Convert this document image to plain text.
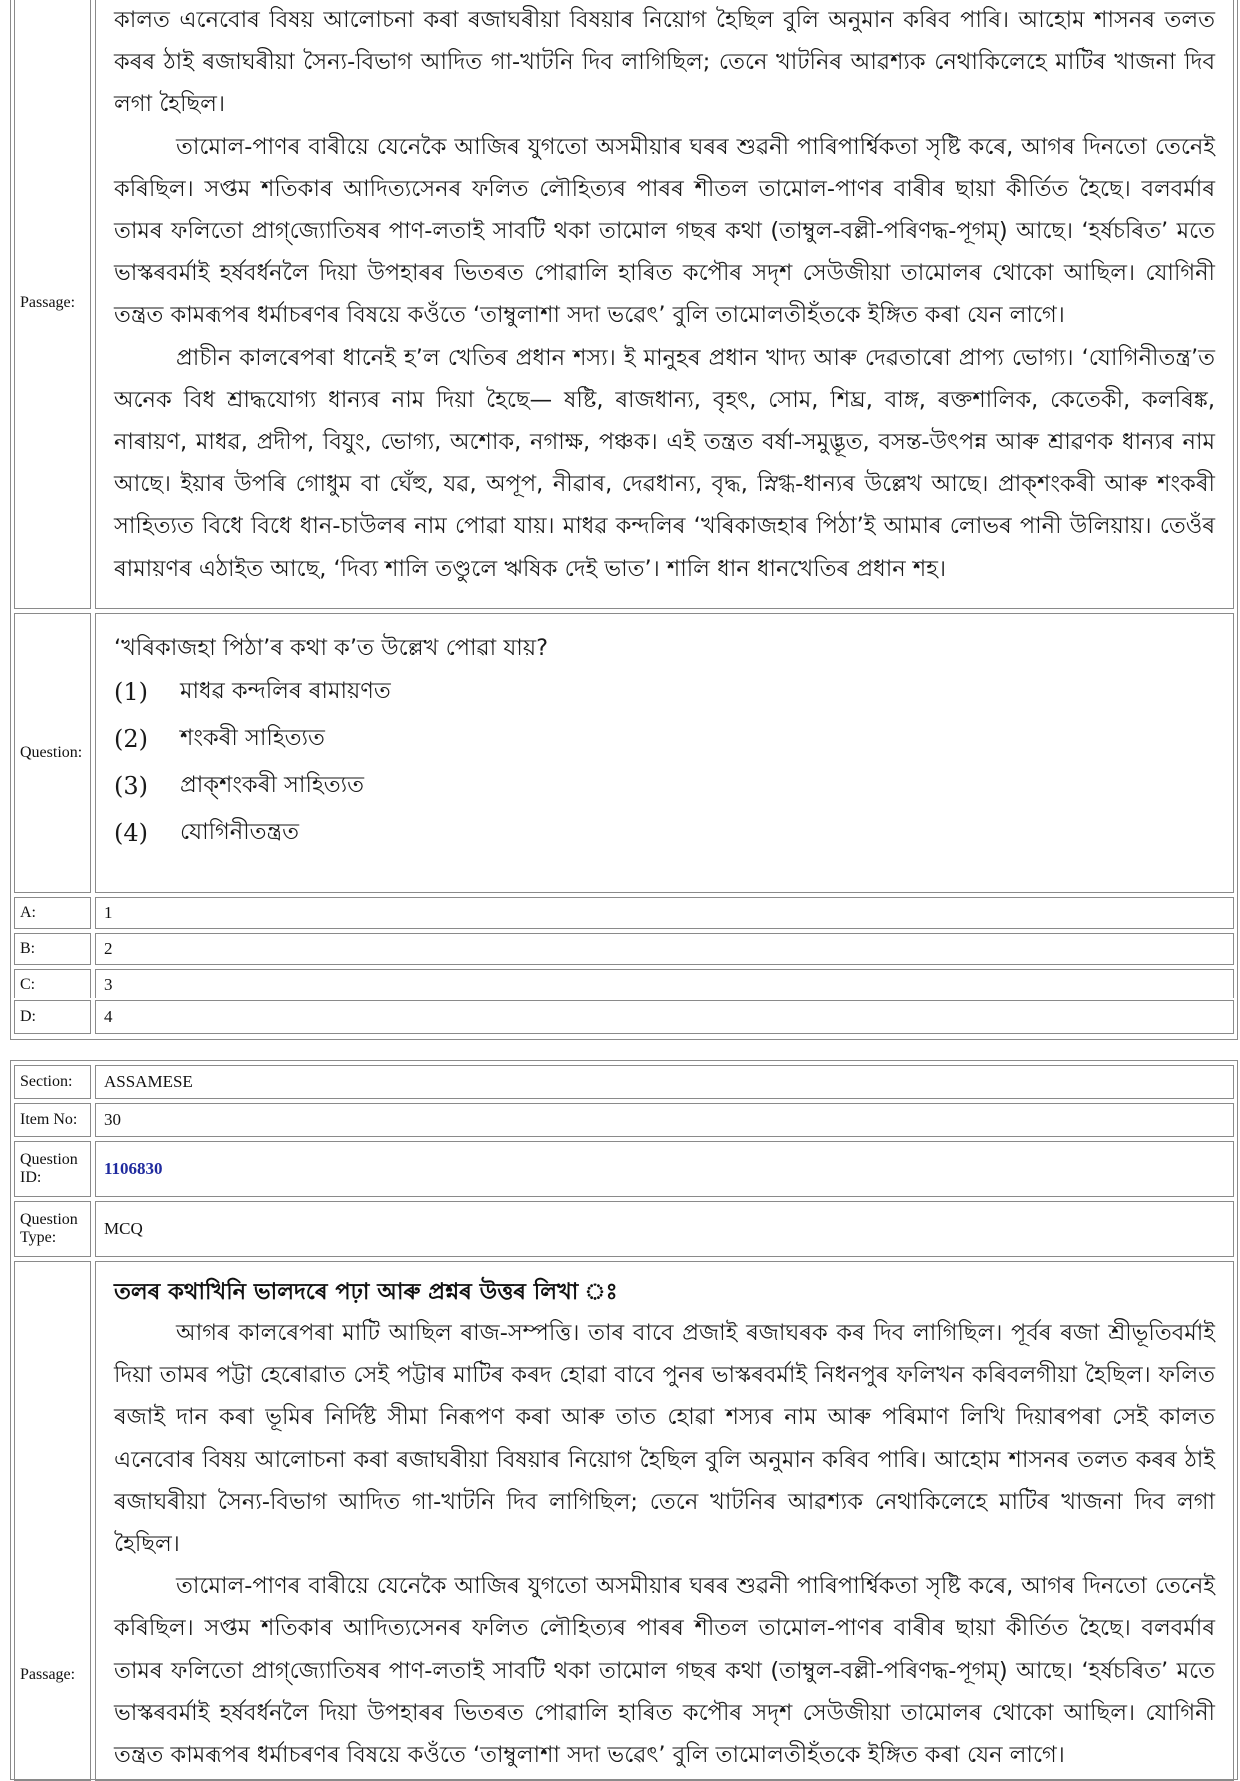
Passage:

কালত এনেবোৰ বিষয় আলোচনা কৰা ৰজাঘৰীয়া বিষয়াৰ নিয়োগ হৈছিল বুলি অনুমান কৰিব পাৰি। আহোম শাসনৰ তলত কৰৰ ঠাই ৰজাঘৰীয়া সৈন্য-বিভাগ আদিত গা-খাটনি দিব লাগিছিল; তেনে খাটনিৰ আৱশ্যক নেথাকিলেহে মাটিৰ খাজনা দিব লগা হৈছিল।

তামোল-পাণৰ বাৰীয়ে যেনেকৈ আজিৰ যুগতো অসমীয়াৰ ঘৰৰ শুৱনী পাৰিপাৰ্শ্বিকতা সৃষ্টি কৰে, আগৰ দিনতো তেনেই কৰিছিল। সপ্তম শতিকাৰ আদিত্যসেনৰ ফলিত লৌহিত্যৰ পাৰৰ শীতল তামোল-পাণৰ বাৰীৰ ছায়া কীৰ্তিত হৈছে। বলবৰ্মাৰ তামৰ ফলিতো প্ৰাগ্‌জ্যোতিষৰ পাণ-লতাই সাবটি থকা তামোল গছৰ কথা (তাম্বুল-বল্লী-পৰিণদ্ধ-পূগম্) আছে। ‘হৰ্ষচৰিত’ মতে ভাস্কৰবৰ্মাই হৰ্ষবৰ্ধনলৈ দিয়া উপহাৰৰ ভিতৰত পোৱালি হাৰিত কপৌৰ সদৃশ সেউজীয়া তামোলৰ থোকো আছিল। যোগিনী তন্ত্ৰত কামৰূপৰ ধৰ্মাচৰণৰ বিষয়ে কওঁতে ‘তাম্বুলাশা সদা ভৱেৎ’ বুলি তামোলতীহঁতকে ইঙ্গিত কৰা যেন লাগে।

প্ৰাচীন কালৰেপৰা ধানেই হ’ল খেতিৰ প্ৰধান শস্য। ই মানুহৰ প্ৰধান খাদ্য আৰু দেৱতাৰো প্ৰাপ্য ভোগ্য। ‘যোগিনীতন্ত্ৰ’ত অনেক বিধ শ্ৰাদ্ধযোগ্য ধান্যৰ নাম দিয়া হৈছে— ষষ্টি, ৰাজধান্য, বৃহৎ, সোম, শিঘ্ৰ, বাঙ্গ, ৰক্তশালিক, কেতেকী, কলৰিঙ্ক, নাৰায়ণ, মাধৱ, প্ৰদীপ, বিযুং, ভোগ্য, অশোক, নগাক্ষ, পঞ্চক। এই তন্ত্ৰত বৰ্ষা-সমুদ্ভূত, বসন্ত-উৎপন্ন আৰু শ্ৰাৱণক ধান্যৰ নাম আছে। ইয়াৰ উপৰি গোধুম বা ঘেঁহু, যৱ, অপূপ, নীৱাৰ, দেৱধান্য, বৃদ্ধ, স্নিগ্ধ-ধান্যৰ উল্লেখ আছে। প্ৰাক্‌শংকৰী আৰু শংকৰী সাহিত্যত বিধে বিধে ধান-চাউলৰ নাম পোৱা যায়। মাধৱ কন্দলিৰ ‘খৰিকাজহাৰ পিঠা’ই আমাৰ লোভৰ পানী উলিয়ায়। তেওঁৰ ৰামায়ণৰ এঠাইত আছে, ‘দিব্য শালি তণ্ডুলে ঋষিক দেই ভাত’। শালি ধান ধানখেতিৰ প্ৰধান শহ।

Question:
‘খৰিকাজহা পিঠা’ৰ কথা ক’ত উল্লেখ পোৱা যায়?
(1)	মাধৱ কন্দলিৰ ৰামায়ণত
(2)	শংকৰী সাহিত্যত
(3)	প্ৰাক্‌শংকৰী সাহিত্যত
(4)	যোগিনীতন্ত্ৰত
A:	1
B:	2
C:	3
D:	4
Section:	ASSAMESE
Item No:	30
Question ID:	1106830
Question Type:	MCQ
Passage:
তলৰ কথাখিনি ভালদৰে পঢ়া আৰু প্ৰশ্নৰ উত্তৰ লিখা ঃ

আগৰ কালৰেপৰা মাটি আছিল ৰাজ-সম্পত্তি। তাৰ বাবে প্ৰজাই ৰজাঘৰক কৰ দিব লাগিছিল। পূৰ্বৰ ৰজা শ্ৰীভূতিবৰ্মাই দিয়া তামৰ পট্টা হেৰোৱাত সেই পট্টাৰ মাটিৰ কৰদ হোৱা বাবে পুনৰ ভাস্কৰবৰ্মাই নিধনপুৰ ফলিখন কৰিবলগীয়া হৈছিল। ফলিত ৰজাই দান কৰা ভূমিৰ নিৰ্দিষ্ট সীমা নিৰূপণ কৰা আৰু তাত হোৱা শস্যৰ নাম আৰু পৰিমাণ লিখি দিয়াৰপৰা সেই কালত এনেবোৰ বিষয় আলোচনা কৰা ৰজাঘৰীয়া বিষয়াৰ নিয়োগ হৈছিল বুলি অনুমান কৰিব পাৰি। আহোম শাসনৰ তলত কৰৰ ঠাই ৰজাঘৰীয়া সৈন্য-বিভাগ আদিত গা-খাটনি দিব লাগিছিল; তেনে খাটনিৰ আৱশ্যক নেথাকিলেহে মাটিৰ খাজনা দিব লগা হৈছিল।

তামোল-পাণৰ বাৰীয়ে যেনেকৈ আজিৰ যুগতো অসমীয়াৰ ঘৰৰ শুৱনী পাৰিপাৰ্শ্বিকতা সৃষ্টি কৰে, আগৰ দিনতো তেনেই কৰিছিল। সপ্তম শতিকাৰ আদিত্যসেনৰ ফলিত লৌহিত্যৰ পাৰৰ শীতল তামোল-পাণৰ বাৰীৰ ছায়া কীৰ্তিত হৈছে। বলবৰ্মাৰ তামৰ ফলিতো প্ৰাগ্‌জ্যোতিষৰ পাণ-লতাই সাবটি থকা তামোল গছৰ কথা (তাম্বুল-বল্লী-পৰিণদ্ধ-পূগম্) আছে। ‘হৰ্ষচৰিত’ মতে ভাস্কৰবৰ্মাই হৰ্ষবৰ্ধনলৈ দিয়া উপহাৰৰ ভিতৰত পোৱালি হাৰিত কপৌৰ সদৃশ সেউজীয়া তামোলৰ থোকো আছিল। যোগিনী তন্ত্ৰত কামৰূপৰ ধৰ্মাচৰণৰ বিষয়ে কওঁতে ‘তাম্বুলাশা সদা ভৱেৎ’ বুলি তামোলতীহঁতকে ইঙ্গিত কৰা যেন লাগে।
